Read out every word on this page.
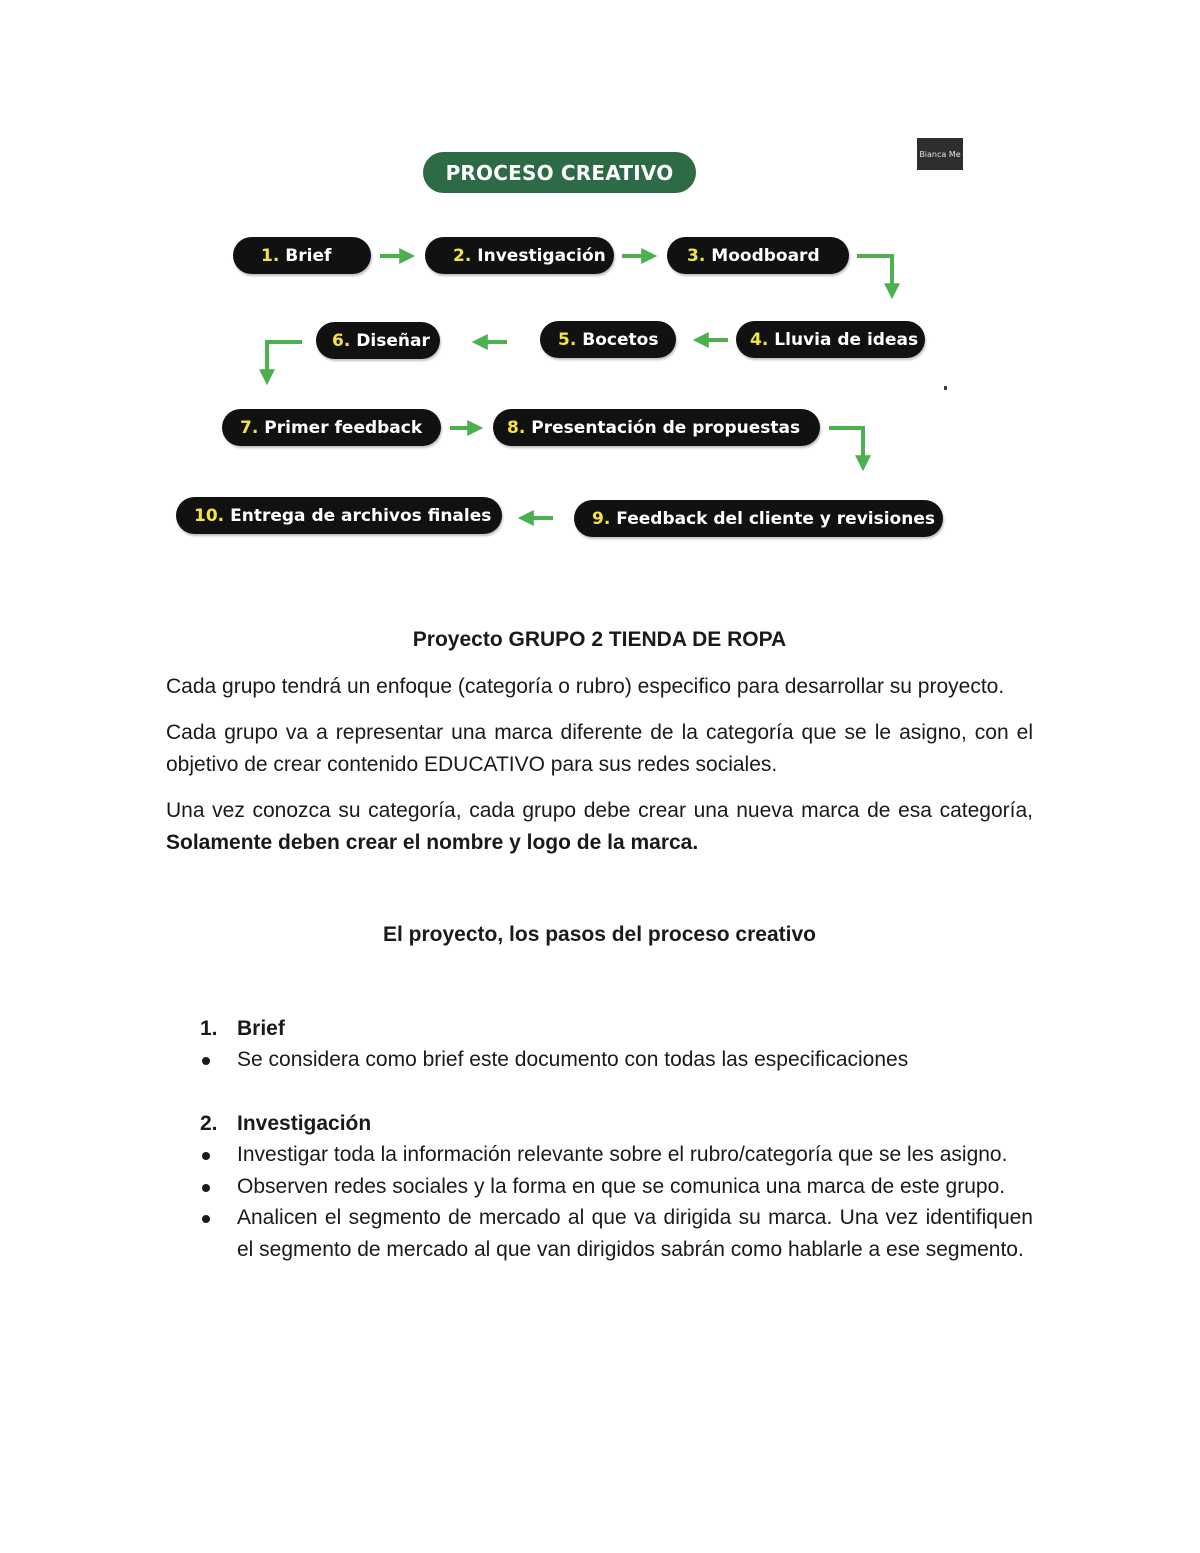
PROCESO CREATIVO
Bianca Me
1. Brief	2. Investigación	3. Moodboard
4. Lluvia de ideas
5. Bocetos
6. Diseñar
7. Primer feedback	8. Presentación de propuestas
9. Feedback del cliente y revisiones
10. Entrega de archivos finales

Proyecto GRUPO 2 TIENDA DE ROPA

Cada grupo tendrá un enfoque (categoría o rubro) especifico para desarrollar su proyecto.

Cada grupo va a representar una marca diferente de la categoría que se le asigno, con el objetivo de crear contenido EDUCATIVO para sus redes sociales.

Una vez conozca su categoría, cada grupo debe crear una nueva marca de esa categoría, Solamente deben crear el nombre y logo de la marca.

El proyecto, los pasos del proceso creativo

1. Brief
Se considera como brief este documento con todas las especificaciones
2. Investigación
Investigar toda la información relevante sobre el rubro/categoría que se les asigno.
Observen redes sociales y la forma en que se comunica una marca de este grupo.
Analicen el segmento de mercado al que va dirigida su marca. Una vez identifiquen el segmento de mercado al que van dirigidos sabrán como hablarle a ese segmento.
